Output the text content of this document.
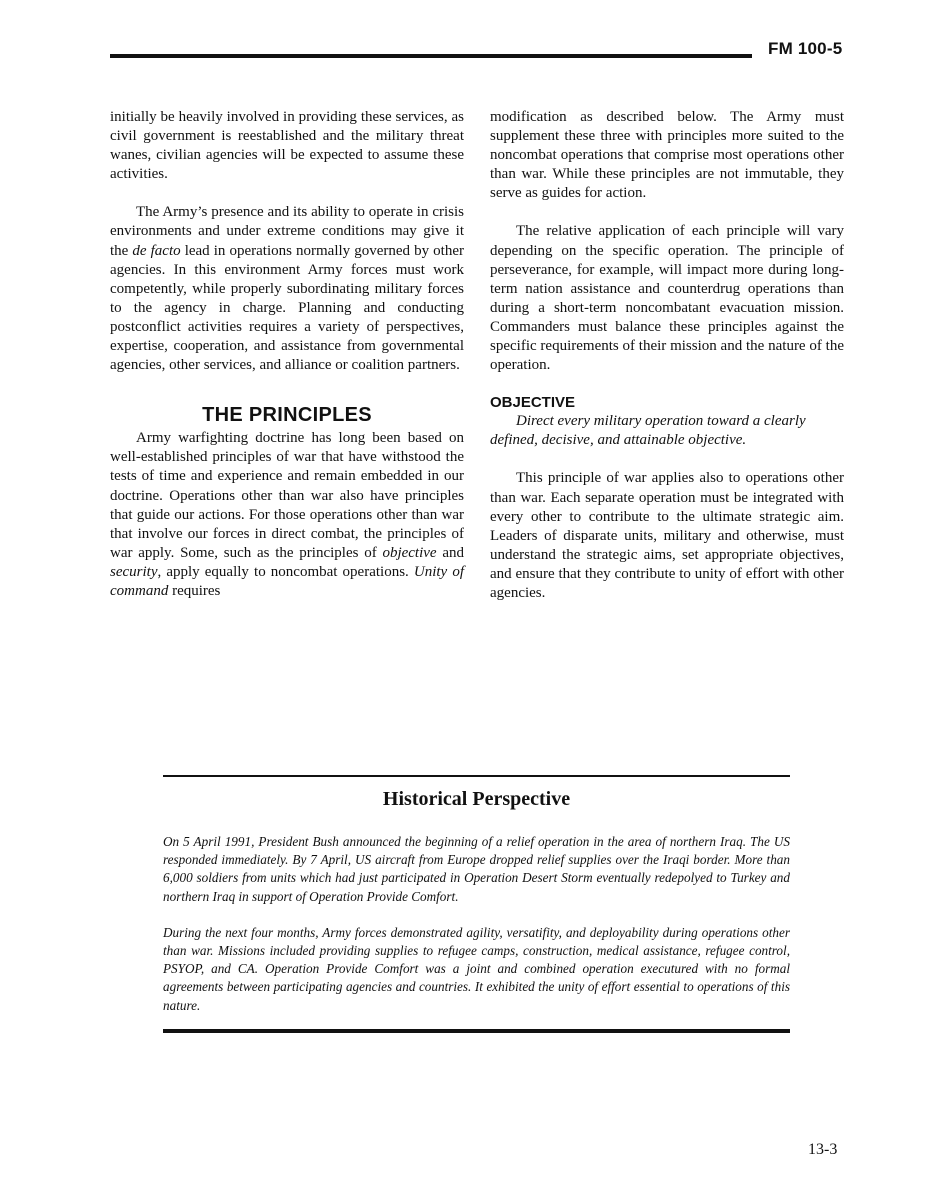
FM 100-5

initially be heavily involved in providing these services, as civil government is reestablished and the military threat wanes, civilian agencies will be expected to assume these activities.

The Army’s presence and its ability to operate in crisis environments and under extreme conditions may give it the de facto lead in operations normally governed by other agencies. In this environment Army forces must work competently, while properly subordinating military forces to the agency in charge. Planning and conducting postconflict activities requires a variety of perspectives, expertise, cooperation, and assistance from governmental agencies, other services, and alliance or coalition partners.

THE PRINCIPLES

Army warfighting doctrine has long been based on well-established principles of war that have withstood the tests of time and experience and remain embedded in our doctrine. Operations other than war also have principles that guide our actions. For those operations other than war that involve our forces in direct combat, the principles of war apply. Some, such as the principles of objective and security, apply equally to noncombat operations. Unity of command requires

modification as described below. The Army must supplement these three with principles more suited to the noncombat operations that comprise most operations other than war. While these principles are not immutable, they serve as guides for action.

The relative application of each principle will vary depending on the specific operation. The principle of perseverance, for example, will impact more during long-term nation assistance and counterdrug operations than during a short-term noncombatant evacuation mission. Commanders must balance these principles against the specific requirements of their mission and the nature of the operation.

OBJECTIVE

Direct every military operation toward a clearly defined, decisive, and attainable objective.

This principle of war applies also to operations other than war. Each separate operation must be integrated with every other to contribute to the ultimate strategic aim. Leaders of disparate units, military and otherwise, must understand the strategic aims, set appropriate objectives, and ensure that they contribute to unity of effort with other agencies.

Historical Perspective

On 5 April 1991, President Bush announced the beginning of a relief operation in the area of northern Iraq. The US responded immediately. By 7 April, US aircraft from Europe dropped relief supplies over the Iraqi border. More than 6,000 soldiers from units which had just participated in Operation Desert Storm eventually redepolyed to Turkey and northern Iraq in support of Operation Provide Comfort.

During the next four months, Army forces demonstrated agility, versatifity, and deployability during operations other than war. Missions included providing supplies to refugee camps, construction, medical assistance, refugee control, PSYOP, and CA. Operation Provide Comfort was a joint and combined operation executured with no formal agreements between participating agencies and countries. It exhibited the unity of effort essential to operations of this nature.

13-3
